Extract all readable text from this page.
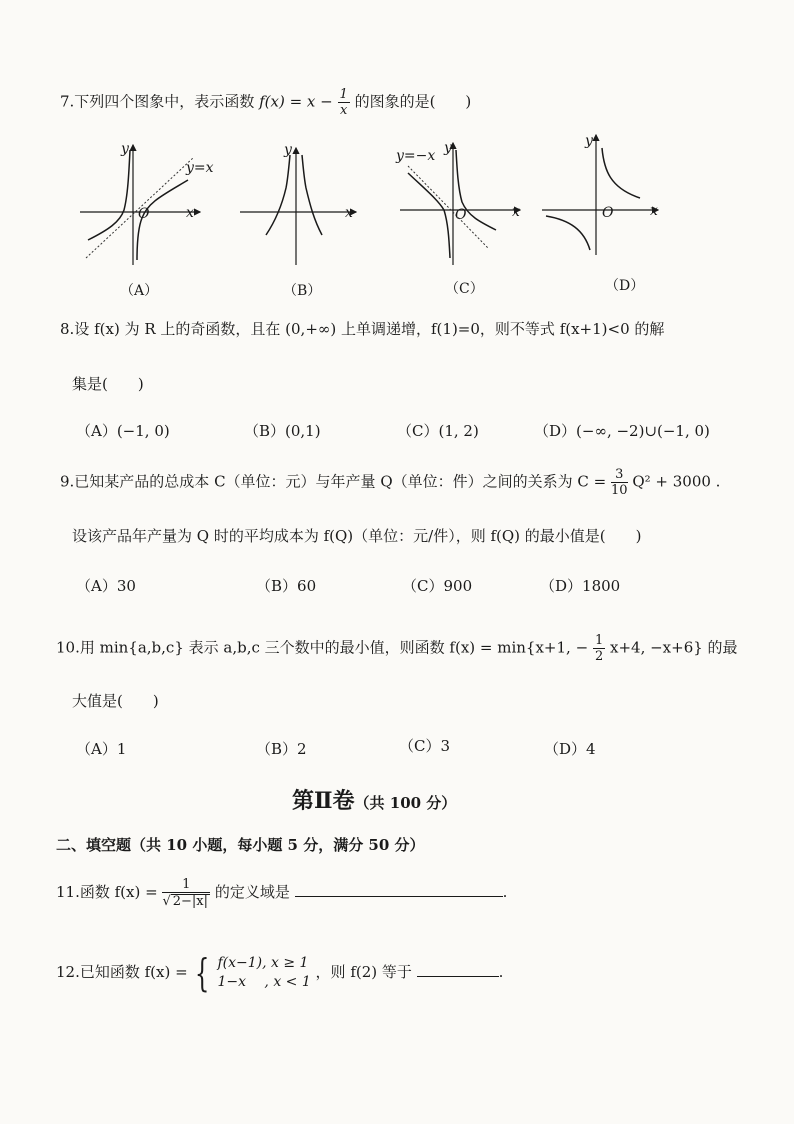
7.下列四个图象中，表示函数 $f(x) = x - \frac{1}{x}$ 的图象的是(　　)
y
x
O
y=x
（A）
y
x
（B）
y=−x y
x
O
（C）
y
x
O
（D）
8.设 f(x) 为 R 上的奇函数，且在 (0,+∞) 上单调递增，f(1)=0，则不等式 f(x+1)<0 的解
集是(　　)
（A）(−1, 0)	（B）(0,1)	（C）(1, 2)	（D）(−∞, −2)∪(−1, 0)
9.已知某产品的总成本 C（单位：元）与年产量 Q（单位：件）之间的关系为 $C = \frac{3}{10} Q^2 + 3000$ .
设该产品年产量为 Q 时的平均成本为 f(Q)（单位：元/件），则 f(Q) 的最小值是(　　)
（A）30	（B）60	（C）900	（D）1800
10.用 min{a,b,c} 表示 a,b,c 三个数中的最小值，则函数 f(x) = min{x+1, − $\frac{1}{2} x+4$, −x+6} 的最
大值是(　　)
（A）1	（B）2	（C）3	（D）4
第Ⅱ卷（共 100 分）
二、填空题（共 10 小题，每小题 5 分，满分 50 分）
11.函数 $f(x) = \frac{1}{√ 2-|x|}$ 的定义域是	.
12.已知函数 f(x) = { f(x−1), x ≥ 1
1−x　 , x < 1
，则 f(2) 等于	.
